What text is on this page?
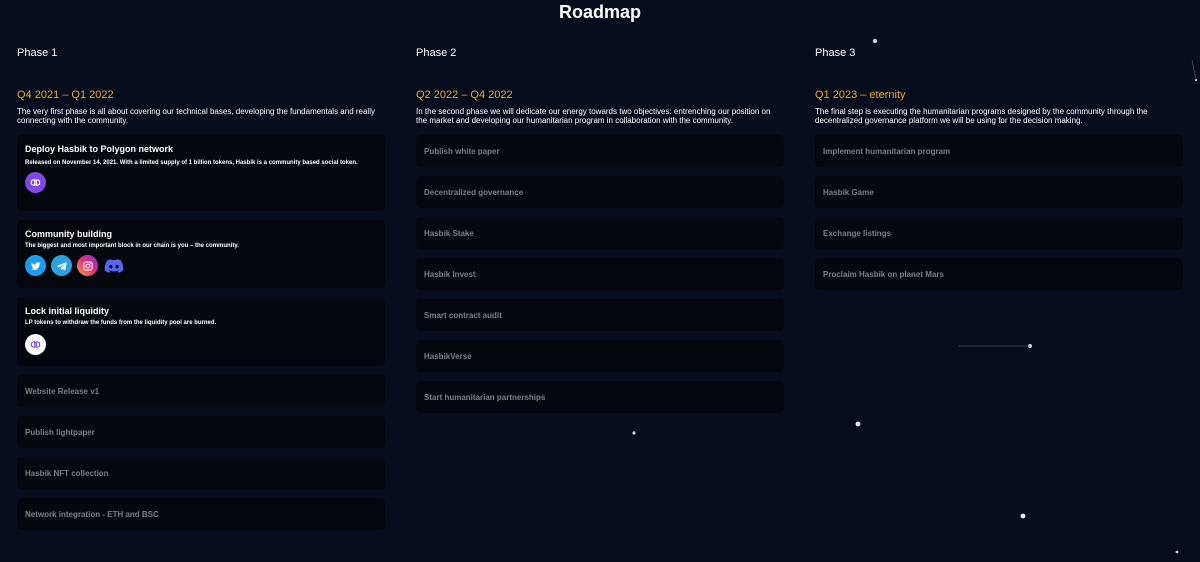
Roadmap
Phase 1
Q4 2021 – Q1 2022

The very first phase is all about covering our technical bases, developing the fundamentals and really connecting with the community.

Deploy Hasbik to Polygon network
Released on November 14, 2021. With a limited supply of 1 billion tokens, Hasbik is a community based social token.
Community building
The biggest and most important block in our chain is you – the community.
Lock initial liquidity
LP tokens to withdraw the funds from the liquidity pool are burned.
Website Release v1
Publish lightpaper
Hasbik NFT collection
Network integration - ETH and BSC
Phase 2
Q2 2022 – Q4 2022

In the second phase we will dedicate our energy towards two objectives: entrenching our position on the market and developing our humanitarian program in collaboration with the community.

Publish white paper
Decentralized governance
Hasbik Stake
Hasbik Invest
Smart contract audit
HasbikVerse
Start humanitarian partnerships
Phase 3
Q1 2023 – eternity

The final step is executing the humanitarian programs designed by the community through the decentralized governance platform we will be using for the decision making.

Implement humanitarian program
Hasbik Game
Exchange listings
Proclaim Hasbik on planet Mars
